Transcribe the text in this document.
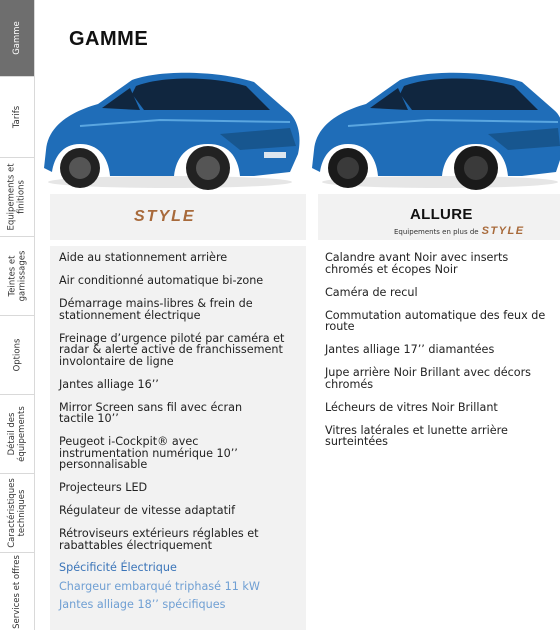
Gamme
Tarifs
Equipements et
finitions
Teintes et
garnissages
Options
Détail des
équipements
Caractéristiques
techniques
Services et offres
GAMME
STYLE	ALLURE
Equipements en plus de STYLE
Aide au stationnement arrière
Air conditionné automatique bi-zone
Démarrage mains-libres & frein de stationnement électrique
Freinage d’urgence piloté par caméra et radar & alerte active de franchissement involontaire de ligne
Jantes alliage 16’’
Mirror Screen sans fil avec écran tactile 10’’
Peugeot i-Cockpit® avec instrumentation numérique 10’’ personnalisable
Projecteurs LED
Régulateur de vitesse adaptatif
Rétroviseurs extérieurs réglables et rabattables électriquement
Spécificité Électrique
Chargeur embarqué triphasé 11 kW
Jantes alliage 18’’ spécifiques
Calandre avant Noir avec inserts chromés et écopes Noir
Caméra de recul
Commutation automatique des feux de route
Jantes alliage 17’’ diamantées
Jupe arrière Noir Brillant avec décors chromés
Lécheurs de vitres Noir Brillant
Vitres latérales et lunette arrière surteintées
